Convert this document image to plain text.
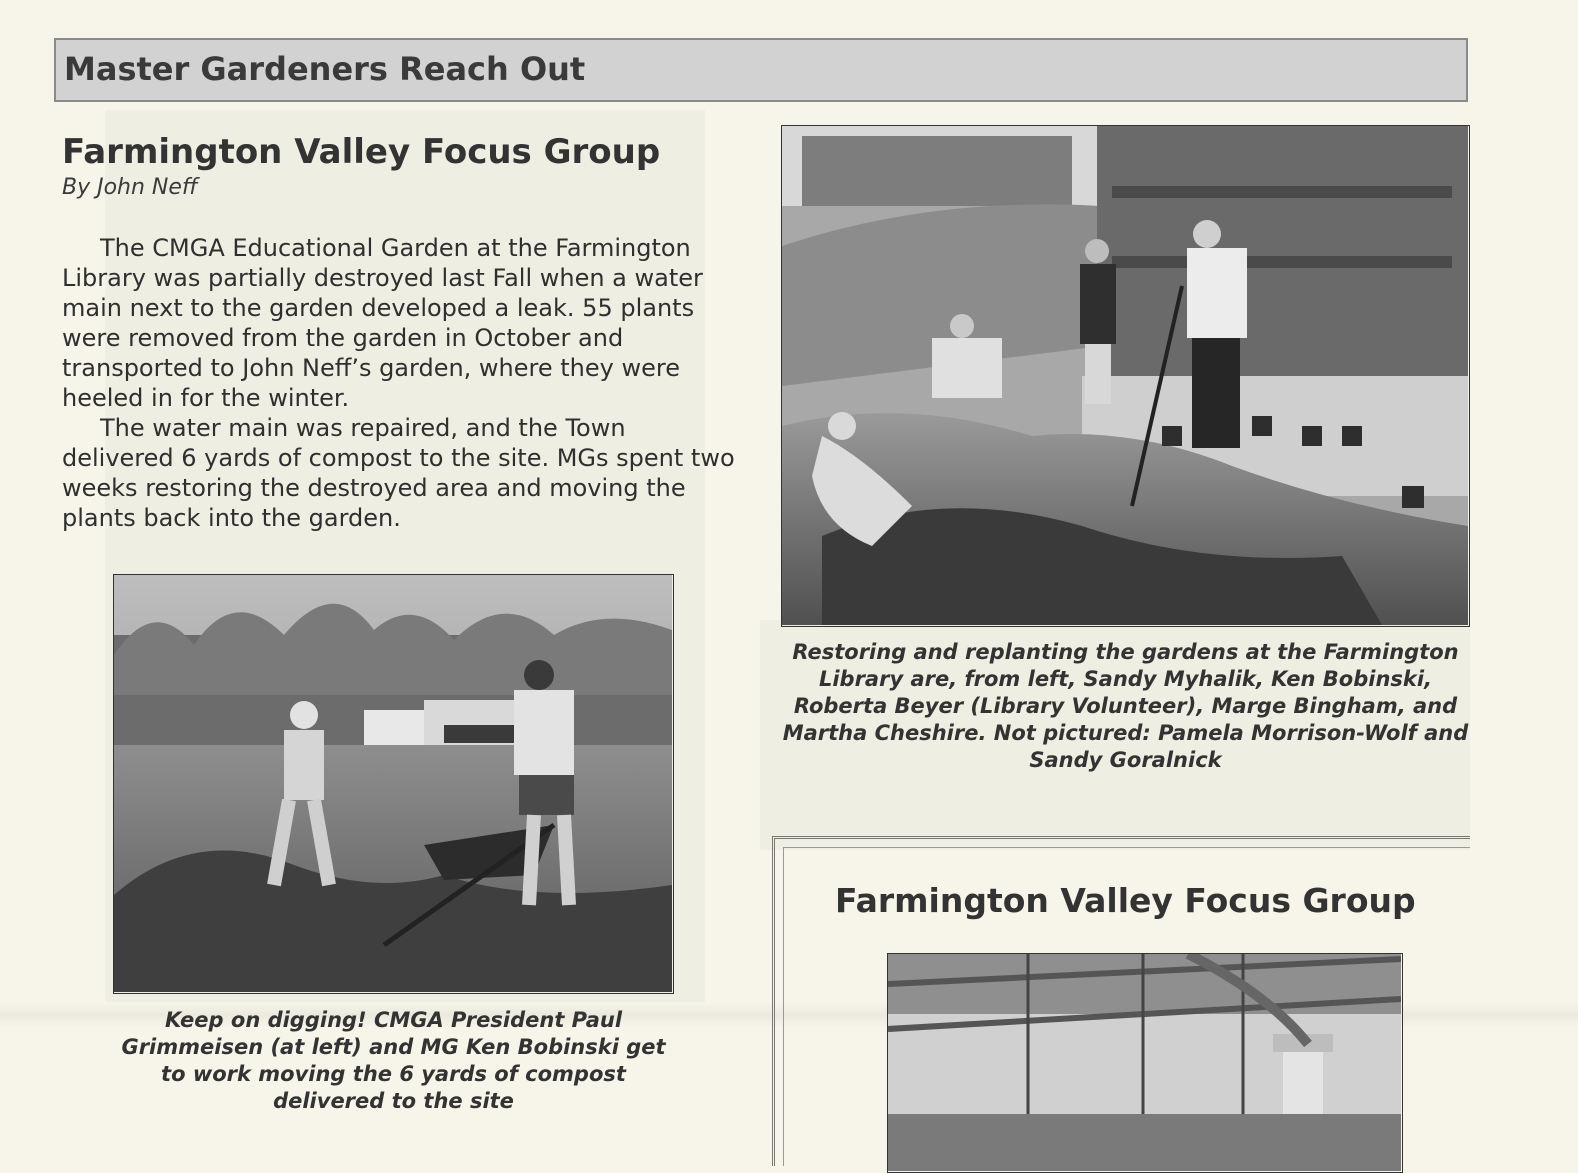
Master Gardeners Reach Out
Farmington Valley Focus Group
By John Neff

The CMGA Educational Garden at the Farmington Library was partially destroyed last Fall when a water main next to the garden developed a leak. 55 plants were removed from the garden in October and transported to John Neff’s garden, where they were heeled in for the winter.

The water main was repaired, and the Town delivered 6 yards of compost to the site. MGs spent two weeks restoring the destroyed area and moving the plants back into the garden.

Keep on digging! CMGA President Paul Grimmeisen (at left) and MG Ken Bobinski get to work moving the 6 yards of compost delivered to the site
Restoring and replanting the gardens at the Farmington Library are, from left, Sandy Myhalik, Ken Bobinski, Roberta Beyer (Library Volunteer), Marge Bingham, and Martha Cheshire. Not pictured: Pamela Morrison-Wolf and Sandy Goralnick
Farmington Valley Focus Group
